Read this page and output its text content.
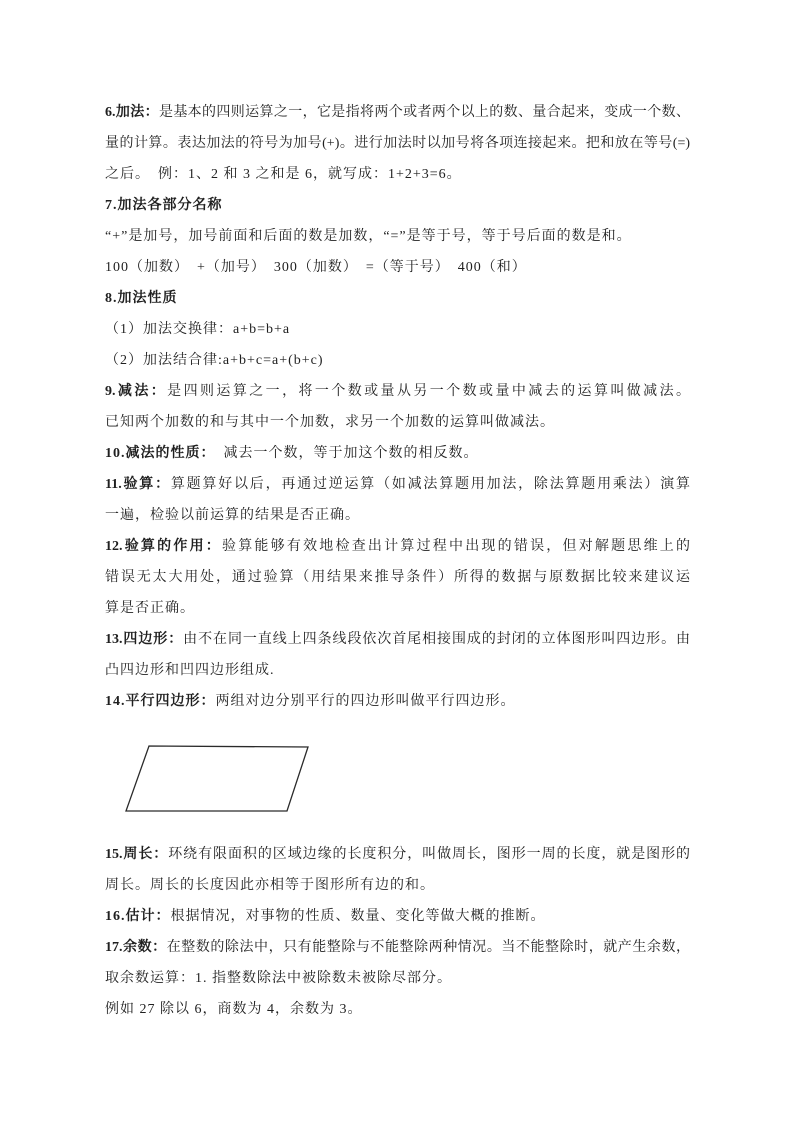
6.加法：是基本的四则运算之一，它是指将两个或者两个以上的数、量合起来，变成一个数、

量的计算。表达加法的符号为加号(+)。进行加法时以加号将各项连接起来。把和放在等号(=)

之后。　例：1、2 和 3 之和是 6，就写成：1+2+3=6。

7.加法各部分名称

“+”是加号，加号前面和后面的数是加数，“=”是等于号，等于号后面的数是和。

100（加数）　+（加号）　300（加数）　=（等于号）　400（和）

8.加法性质

（1）加法交换律：a+b=b+a

（2）加法结合律:a+b+c=a+(b+c)

9.减法：是四则运算之一，将一个数或量从另一个数或量中减去的运算叫做减法。

已知两个加数的和与其中一个加数，求另一个加数的运算叫做减法。

10.减法的性质：　减去一个数，等于加这个数的相反数。

11.验算：算题算好以后，再通过逆运算（如减法算题用加法，除法算题用乘法）演算

一遍，检验以前运算的结果是否正确。

12.验算的作用：验算能够有效地检查出计算过程中出现的错误，但对解题思维上的

错误无太大用处，通过验算（用结果来推导条件）所得的数据与原数据比较来建议运

算是否正确。

13.四边形：由不在同一直线上四条线段依次首尾相接围成的封闭的立体图形叫四边形。由

凸四边形和凹四边形组成.

14.平行四边形：两组对边分别平行的四边形叫做平行四边形。

15.周长：环绕有限面积的区域边缘的长度积分，叫做周长，图形一周的长度，就是图形的

周长。周长的长度因此亦相等于图形所有边的和。

16.估计：根据情况，对事物的性质、数量、变化等做大概的推断。

17.余数：在整数的除法中，只有能整除与不能整除两种情况。当不能整除时，就产生余数，

取余数运算：1. 指整数除法中被除数未被除尽部分。

例如 27 除以 6，商数为 4，余数为 3。
